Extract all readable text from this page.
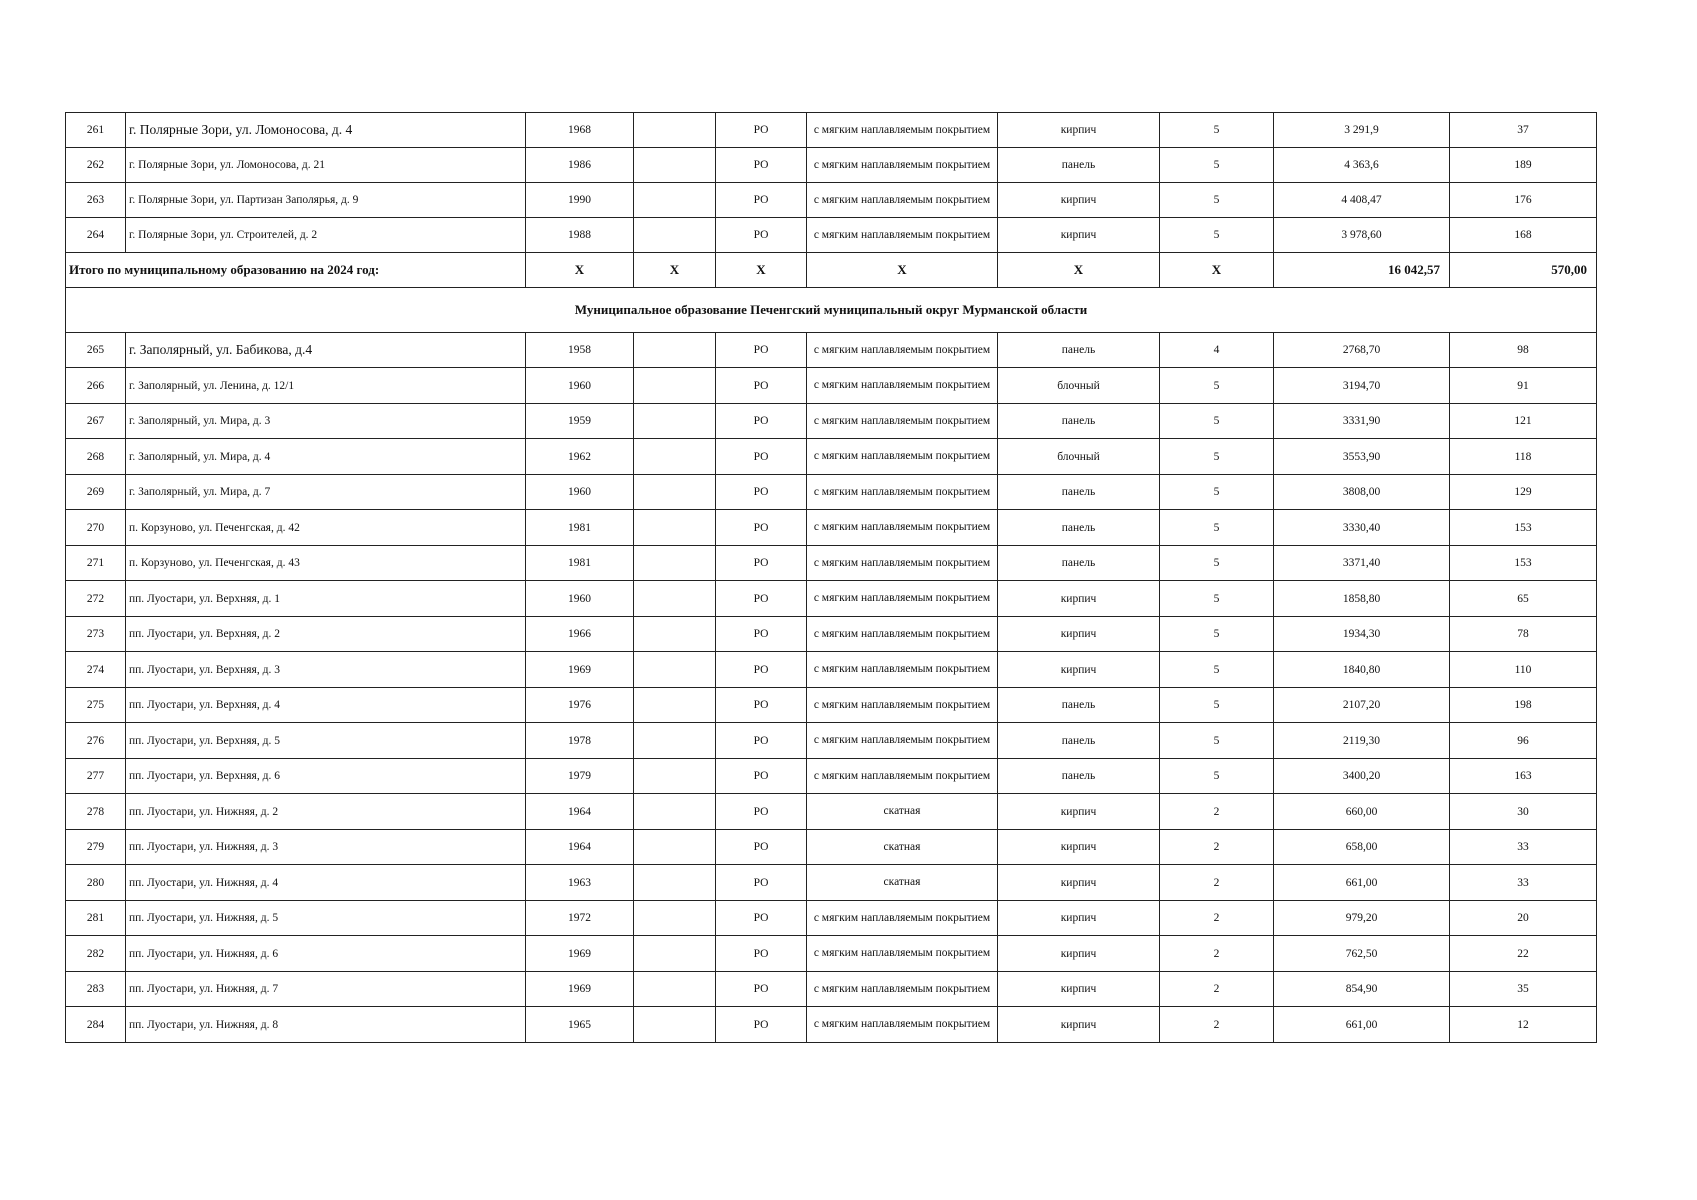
261	г. Полярные Зори, ул. Ломоносова, д. 4	1968		РО	с мягким наплавляемым покрытием	кирпич	5	3 291,9	37
262	г. Полярные Зори, ул. Ломоносова, д. 21	1986		РО	с мягким наплавляемым покрытием	панель	5	4 363,6	189
263	г. Полярные Зори, ул. Партизан Заполярья, д. 9	1990		РО	с мягким наплавляемым покрытием	кирпич	5	4 408,47	176
264	г. Полярные Зори, ул. Строителей, д. 2	1988		РО	с мягким наплавляемым покрытием	кирпич	5	3 978,60	168
Итого по муниципальному образованию на 2024 год:		X	X	X	X	X	X	16 042,57	570,00
Муниципальное образование Печенгский муниципальный округ Мурманской области									
265	г. Заполярный, ул. Бабикова, д.4	1958		РО	с мягким наплавляемым покрытием	панель	4	2768,70	98
266	г. Заполярный, ул. Ленина, д. 12/1	1960		РО	с мягким наплавляемым покрытием	блочный	5	3194,70	91
267	г. Заполярный, ул. Мира, д. 3	1959		РО	с мягким наплавляемым покрытием	панель	5	3331,90	121
268	г. Заполярный, ул. Мира, д. 4	1962		РО	с мягким наплавляемым покрытием	блочный	5	3553,90	118
269	г. Заполярный, ул. Мира, д. 7	1960		РО	с мягким наплавляемым покрытием	панель	5	3808,00	129
270	п. Корзуново, ул. Печенгская, д. 42	1981		РО	с мягким наплавляемым покрытием	панель	5	3330,40	153
271	п. Корзуново, ул. Печенгская, д. 43	1981		РО	с мягким наплавляемым покрытием	панель	5	3371,40	153
272	пп. Луостари, ул. Верхняя, д. 1	1960		РО	с мягким наплавляемым покрытием	кирпич	5	1858,80	65
273	пп. Луостари, ул. Верхняя, д. 2	1966		РО	с мягким наплавляемым покрытием	кирпич	5	1934,30	78
274	пп. Луостари, ул. Верхняя, д. 3	1969		РО	с мягким наплавляемым покрытием	кирпич	5	1840,80	110
275	пп. Луостари, ул. Верхняя, д. 4	1976		РО	с мягким наплавляемым покрытием	панель	5	2107,20	198
276	пп. Луостари, ул. Верхняя, д. 5	1978		РО	с мягким наплавляемым покрытием	панель	5	2119,30	96
277	пп. Луостари, ул. Верхняя, д. 6	1979		РО	с мягким наплавляемым покрытием	панель	5	3400,20	163
278	пп. Луостари, ул. Нижняя, д. 2	1964		РО	скатная	кирпич	2	660,00	30
279	пп. Луостари, ул. Нижняя, д. 3	1964		РО	скатная	кирпич	2	658,00	33
280	пп. Луостари, ул. Нижняя, д. 4	1963		РО	скатная	кирпич	2	661,00	33
281	пп. Луостари, ул. Нижняя, д. 5	1972		РО	с мягким наплавляемым покрытием	кирпич	2	979,20	20
282	пп. Луостари, ул. Нижняя, д. 6	1969		РО	с мягким наплавляемым покрытием	кирпич	2	762,50	22
283	пп. Луостари, ул. Нижняя, д. 7	1969		РО	с мягким наплавляемым покрытием	кирпич	2	854,90	35
284	пп. Луостари, ул. Нижняя, д. 8	1965		РО	с мягким наплавляемым покрытием	кирпич	2	661,00	12
